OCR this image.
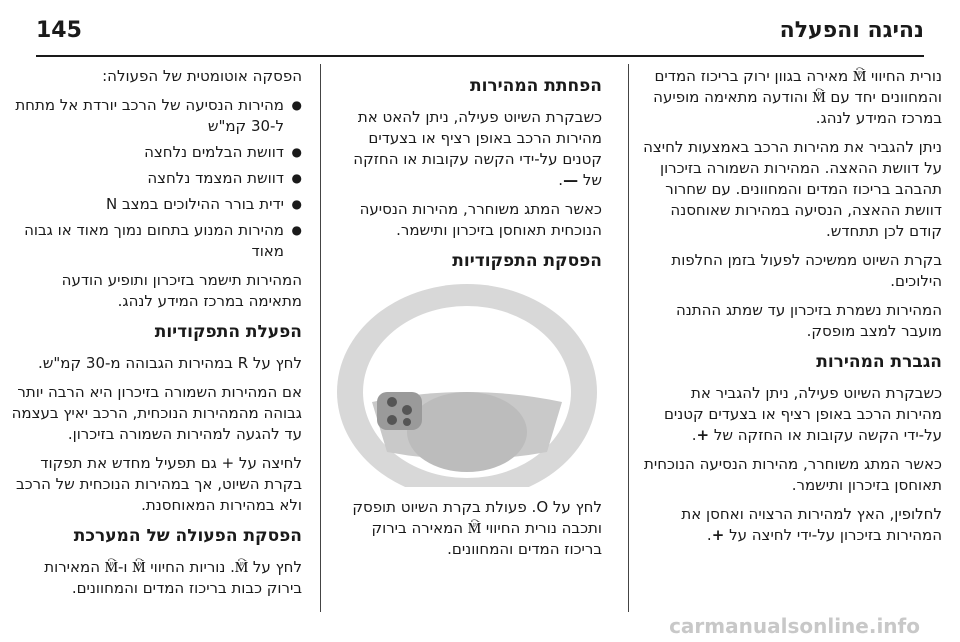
נהיגה והפעלה
145

נורית החיווי 🕅 מאירה בגוון ירוק בריכוז המדים והמחוונים יחד עם 🕅 והודעה מתאימה מופיעה במרכז המידע לנהג.

ניתן להגביר את מהירות הרכב באמצעות לחיצה על דוושת ההאצה. המהירות השמורה בזיכרון תהבהב בריכוז המדים והמחוונים. עם שחרור דוושת ההאצה, הנסיעה במהירות שאוחסנה קודם לכן תתחדש.

בקרת השיוט ממשיכה לפעול בזמן החלפות הילוכים.

המהירות נשמרת בזיכרון עד שמתג ההתנה מועבר למצב מופסק.

הגברת המהירות

כשבקרת השיוט פעילה, ניתן להגביר את מהירות הרכב באופן רציף או בצעדים קטנים על-ידי הקשה עקובות או החזקה של +.

כאשר המתג משוחרר, מהירות הנסיעה הנוכחית תאוחסן בזיכרון ותישמר.

לחלופין, האץ למהירות הרצויה ואחסן את המהירות בזיכרון על-ידי לחיצה על +.

הפחתת המהירות

כשבקרת השיוט פעילה, ניתן להאט את מהירות הרכב באופן רציף או בצעדים קטנים על-ידי הקשה עקובות או החזקה של —.

כאשר המתג משוחרר, מהירות הנסיעה הנוכחית תאוחסן בזיכרון ותישמר.

הפסקת התפקודיות

לחץ על O. פעולת בקרת השיוט תופסק ותכבה נורית החיווי 🕅 המאירה בירוק בריכוז המדים והמחוונים.

הפסקה אוטומטית של הפעולה:

● מהירות הנסיעה של הרכב יורדת אל מתחת ל-30 קמ"ש
● דוושת הבלמים נלחצה
● דוושת המצמד נלחצה
● ידית בורר ההילוכים במצב N
● מהירות המנוע בתחום נמוך מאוד או גבוה מאוד

המהירות תישמר בזיכרון ותופיע הודעה מתאימה במרכז המידע לנהג.

הפעלת התפקודיות

לחץ על R במהירות הגבוהה מ-30 קמ"ש.

אם המהירות השמורה בזיכרון היא הרבה יותר גבוהה מהמהירות הנוכחית, הרכב יאיץ בעצמה עד להגעה למהירות השמורה בזיכרון.

לחיצה על + גם תפעיל מחדש את תפקוד בקרת השיוט, אך במהירות הנוכחית של הרכב ולא במהירות המאוחסנת.

הפסקת הפעולה של המערכת

לחץ על 🕅. נוריות החיווי 🕅 ו-🕅 המאירות בירוק כבות בריכוז המדים והמחוונים.

carmanualsonline.info
